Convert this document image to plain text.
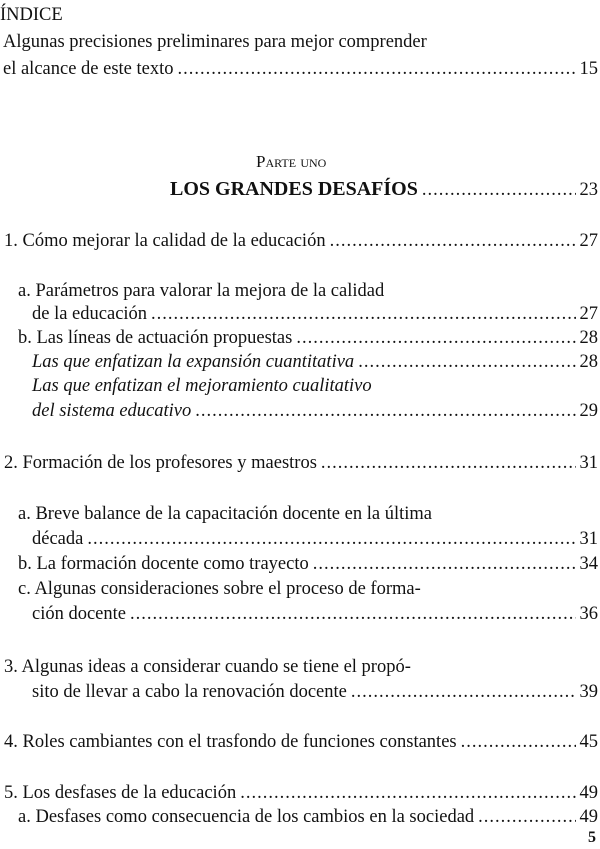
ÍNDICE
Algunas precisiones preliminares para mejor comprender
el alcance de este texto .....	15
Parte uno
LOS GRANDES DESAFÍOS .....	23
1. Cómo mejorar la calidad de la educación .....	27
a. Parámetros para valorar la mejora de la calidad
de la educación .....	27
b. Las líneas de actuación propuestas .....	28
Las que enfatizan la expansión cuantitativa .....	28
Las que enfatizan el mejoramiento cualitativo
del sistema educativo .....	29
2. Formación de los profesores y maestros .....	31
a. Breve balance de la capacitación docente en la última
década .....	31
b. La formación docente como trayecto .....	34
c. Algunas consideraciones sobre el proceso de forma-
ción docente .....	36
3. Algunas ideas a considerar cuando se tiene el propó-
sito de llevar a cabo la renovación docente .....	39
4. Roles cambiantes con el trasfondo de funciones constantes .....	45
5. Los desfases de la educación .....	49
a. Desfases como consecuencia de los cambios en la sociedad .....	49
5
